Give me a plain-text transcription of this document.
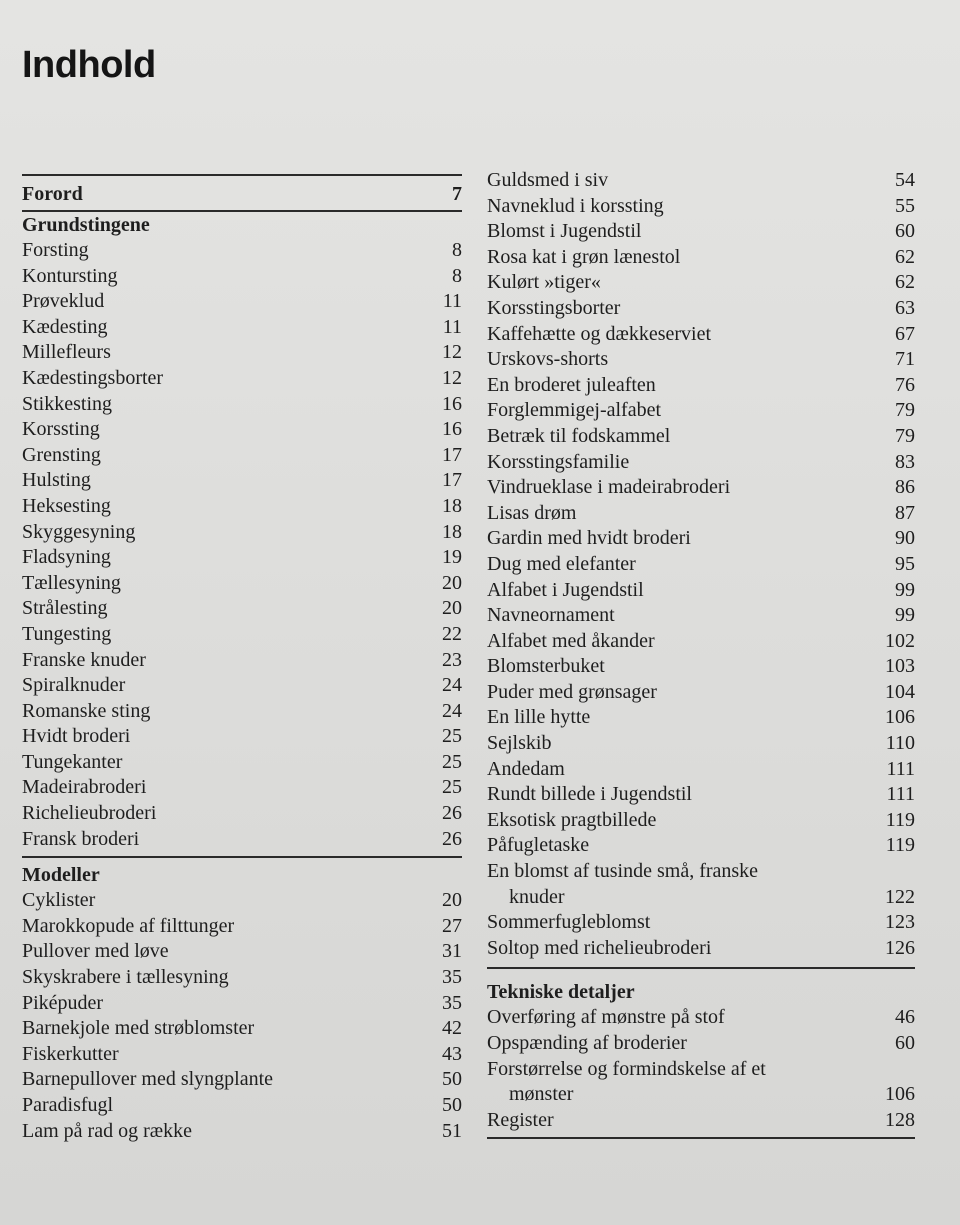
Indhold
Forord	7
Grundstingene
Forsting	8
Kontursting	8
Prøveklud	11
Kædesting	11
Millefleurs	12
Kædestingsborter	12
Stikkesting	16
Korssting	16
Grensting	17
Hulsting	17
Heksesting	18
Skyggesyning	18
Fladsyning	19
Tællesyning	20
Strålesting	20
Tungesting	22
Franske knuder	23
Spiralknuder	24
Romanske sting	24
Hvidt broderi	25
Tungekanter	25
Madeirabroderi	25
Richelieubroderi	26
Fransk broderi	26
Modeller
Cyklister	20
Marokkopude af filttunger	27
Pullover med løve	31
Skyskrabere i tællesyning	35
Piképuder	35
Barnekjole med strøblomster	42
Fiskerkutter	43
Barnepullover med slyngplante	50
Paradisfugl	50
Lam på rad og række	51
Guldsmed i siv	54
Navneklud i korssting	55
Blomst i Jugendstil	60
Rosa kat i grøn lænestol	62
Kulørt »tiger«	62
Korsstingsborter	63
Kaffehætte og dækkeserviet	67
Urskovs-shorts	71
En broderet juleaften	76
Forglemmigej-alfabet	79
Betræk til fodskammel	79
Korsstingsfamilie	83
Vindrueklase i madeirabroderi	86
Lisas drøm	87
Gardin med hvidt broderi	90
Dug med elefanter	95
Alfabet i Jugendstil	99
Navneornament	99
Alfabet med åkander	102
Blomsterbuket	103
Puder med grønsager	104
En lille hytte	106
Sejlskib	110
Andedam	111
Rundt billede i Jugendstil	111
Eksotisk pragtbillede	119
Påfugletaske	119
En blomst af tusinde små, franske
knuder	122
Sommerfugleblomst	123
Soltop med richelieubroderi	126
Tekniske detaljer
Overføring af mønstre på stof	46
Opspænding af broderier	60
Forstørrelse og formindskelse af et
mønster	106
Register	128
